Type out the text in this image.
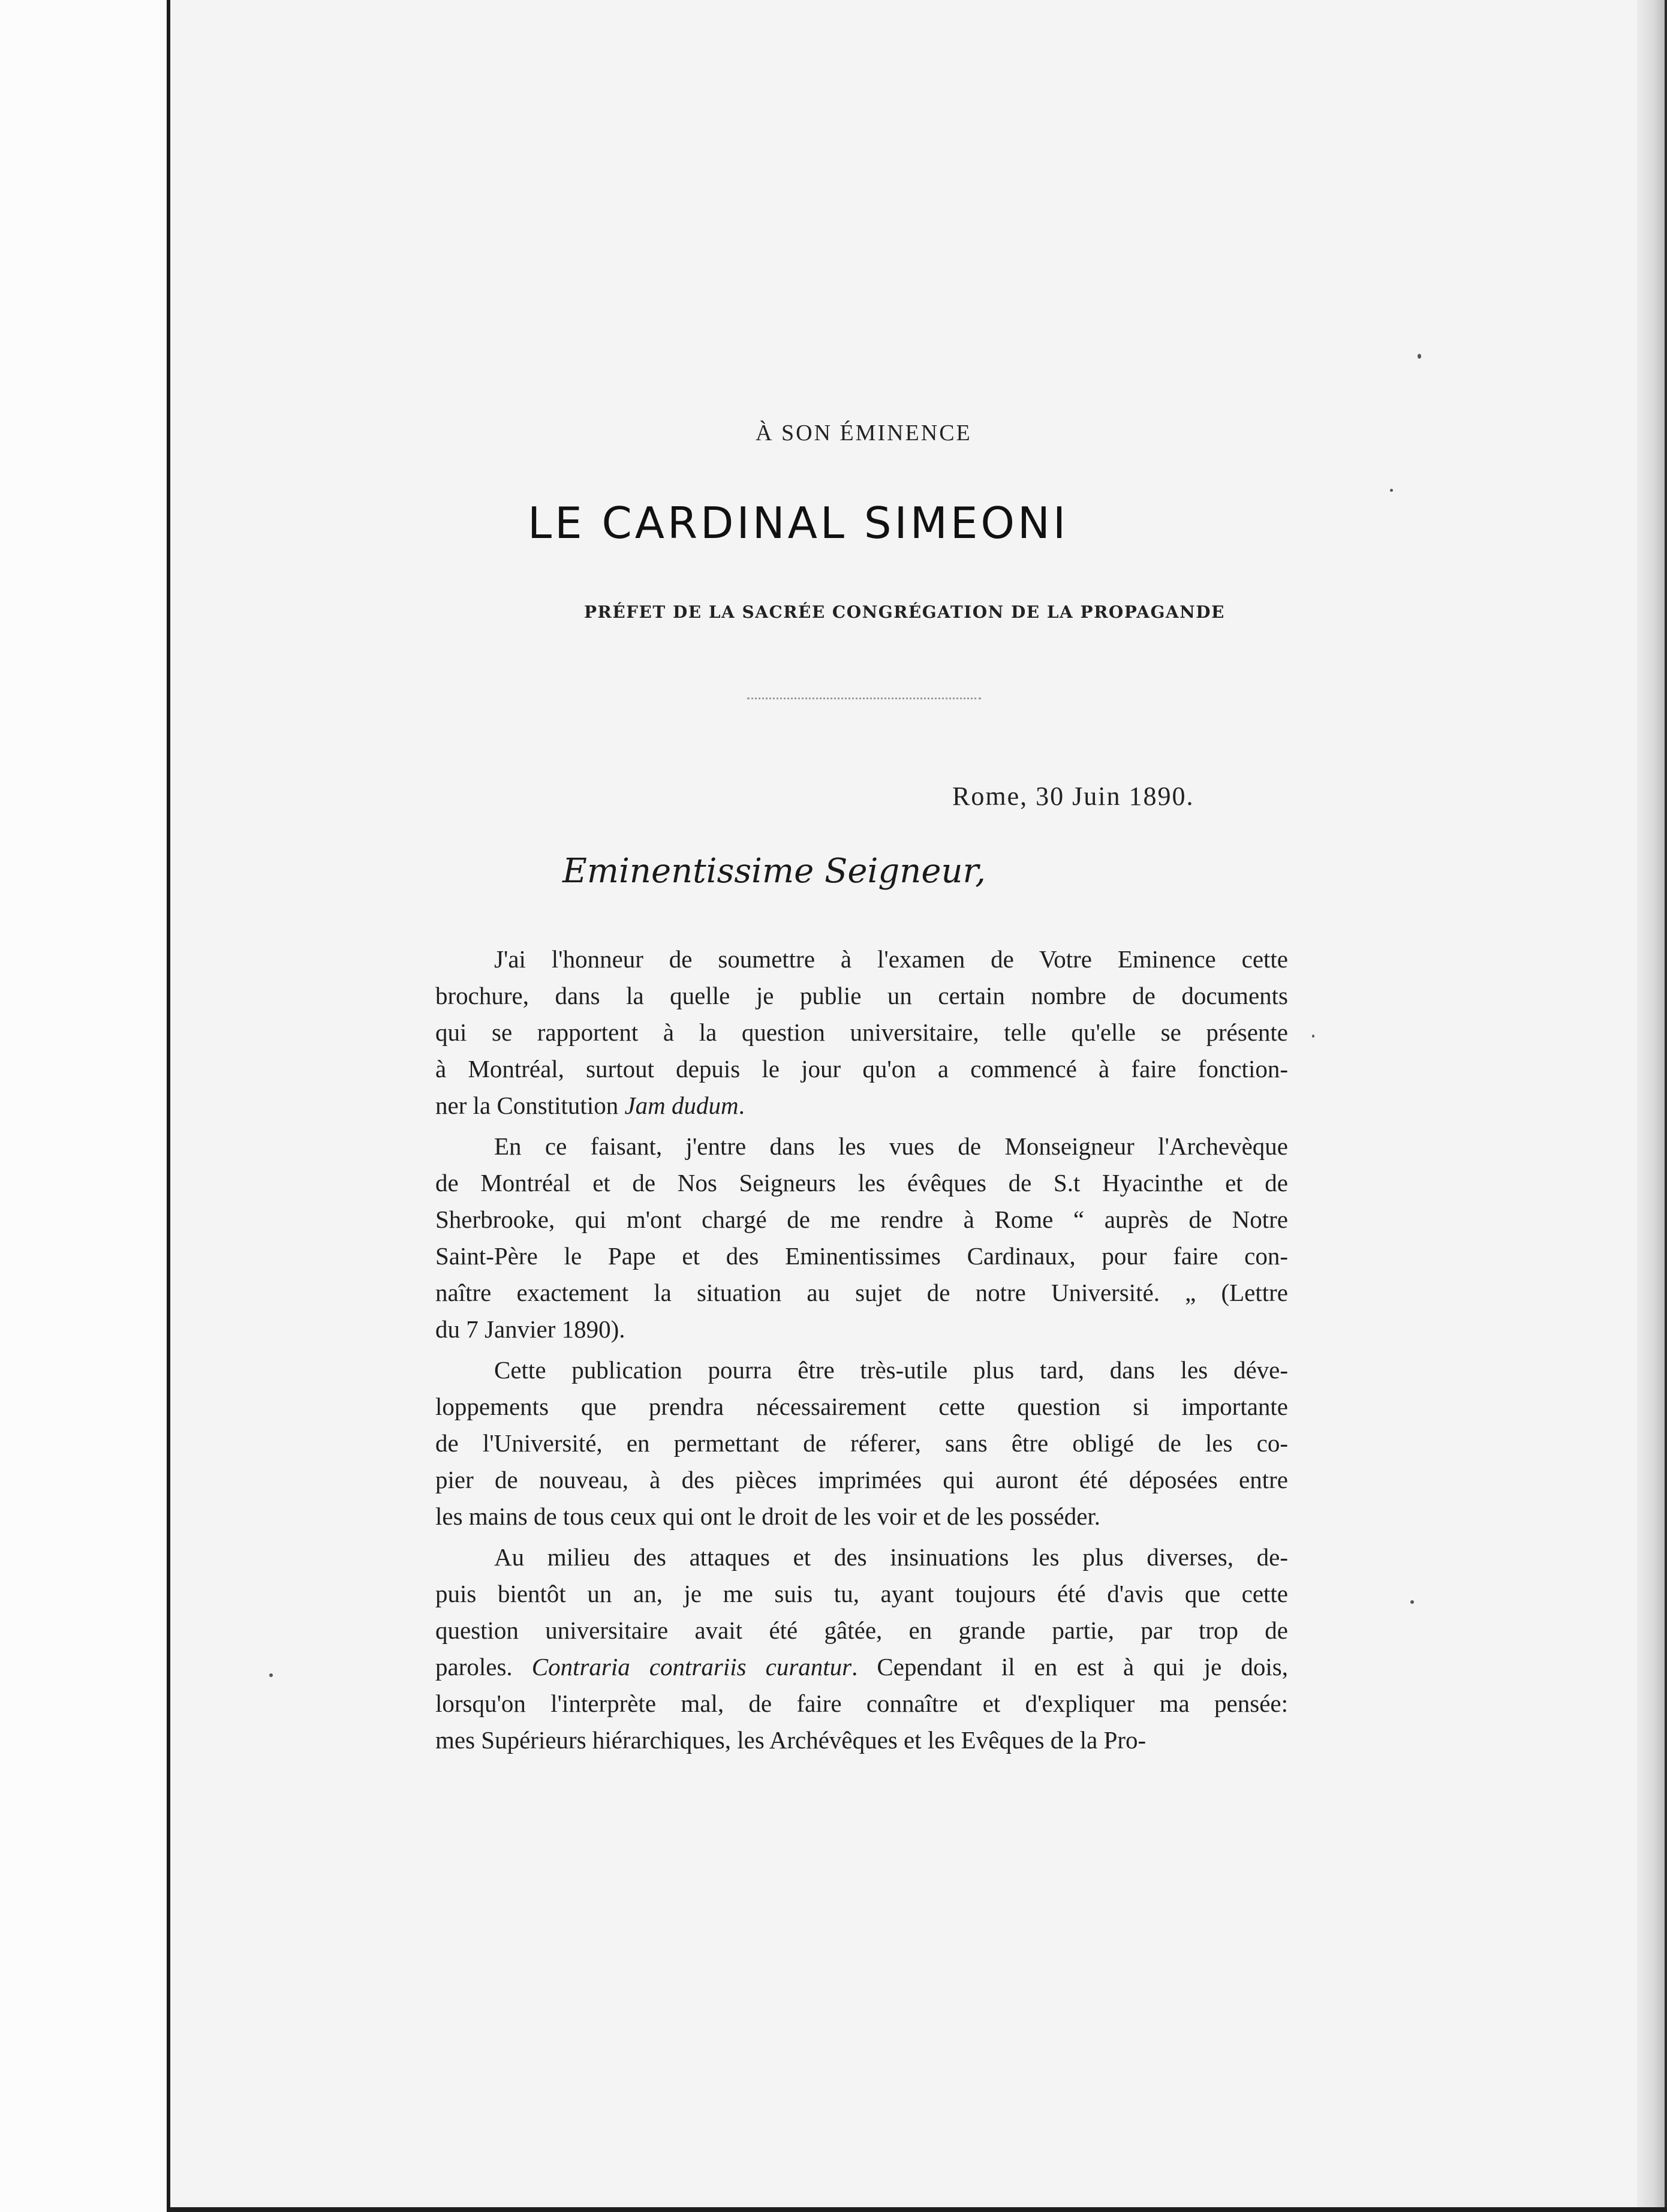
À SON ÉMINENCE
LE CARDINAL SIMEONI
PRÉFET DE LA SACRÉE CONGRÉGATION DE LA PROPAGANDE
Rome, 30 Juin 1890.
Eminentissime Seigneur,
J'ai l'honneur de soumettre à l'examen de Votre Eminence cette
brochure, dans la quelle je publie un certain nombre de documents
qui se rapportent à la question universitaire, telle qu'elle se présente
à Montréal, surtout depuis le jour qu'on a commencé à faire fonction-
ner la Constitution Jam dudum.
En ce faisant, j'entre dans les vues de Monseigneur l'Archevèque
de Montréal et de Nos Seigneurs les évêques de S.t Hyacinthe et de
Sherbrooke, qui m'ont chargé de me rendre à Rome “ auprès de Notre
Saint-Père le Pape et des Eminentissimes Cardinaux, pour faire con-
naître exactement la situation au sujet de notre Université. „ (Lettre
du 7 Janvier 1890).
Cette publication pourra être très-utile plus tard, dans les déve-
loppements que prendra nécessairement cette question si importante
de l'Université, en permettant de réferer, sans être obligé de les co-
pier de nouveau, à des pièces imprimées qui auront été déposées entre
les mains de tous ceux qui ont le droit de les voir et de les posséder.
Au milieu des attaques et des insinuations les plus diverses, de-
puis bientôt un an, je me suis tu, ayant toujours été d'avis que cette
question universitaire avait été gâtée, en grande partie, par trop de
paroles. Contraria contrariis curantur. Cependant il en est à qui je dois,
lorsqu'on l'interprète mal, de faire connaître et d'expliquer ma pensée:
mes Supérieurs hiérarchiques, les Archévêques et les Evêques de la Pro-
